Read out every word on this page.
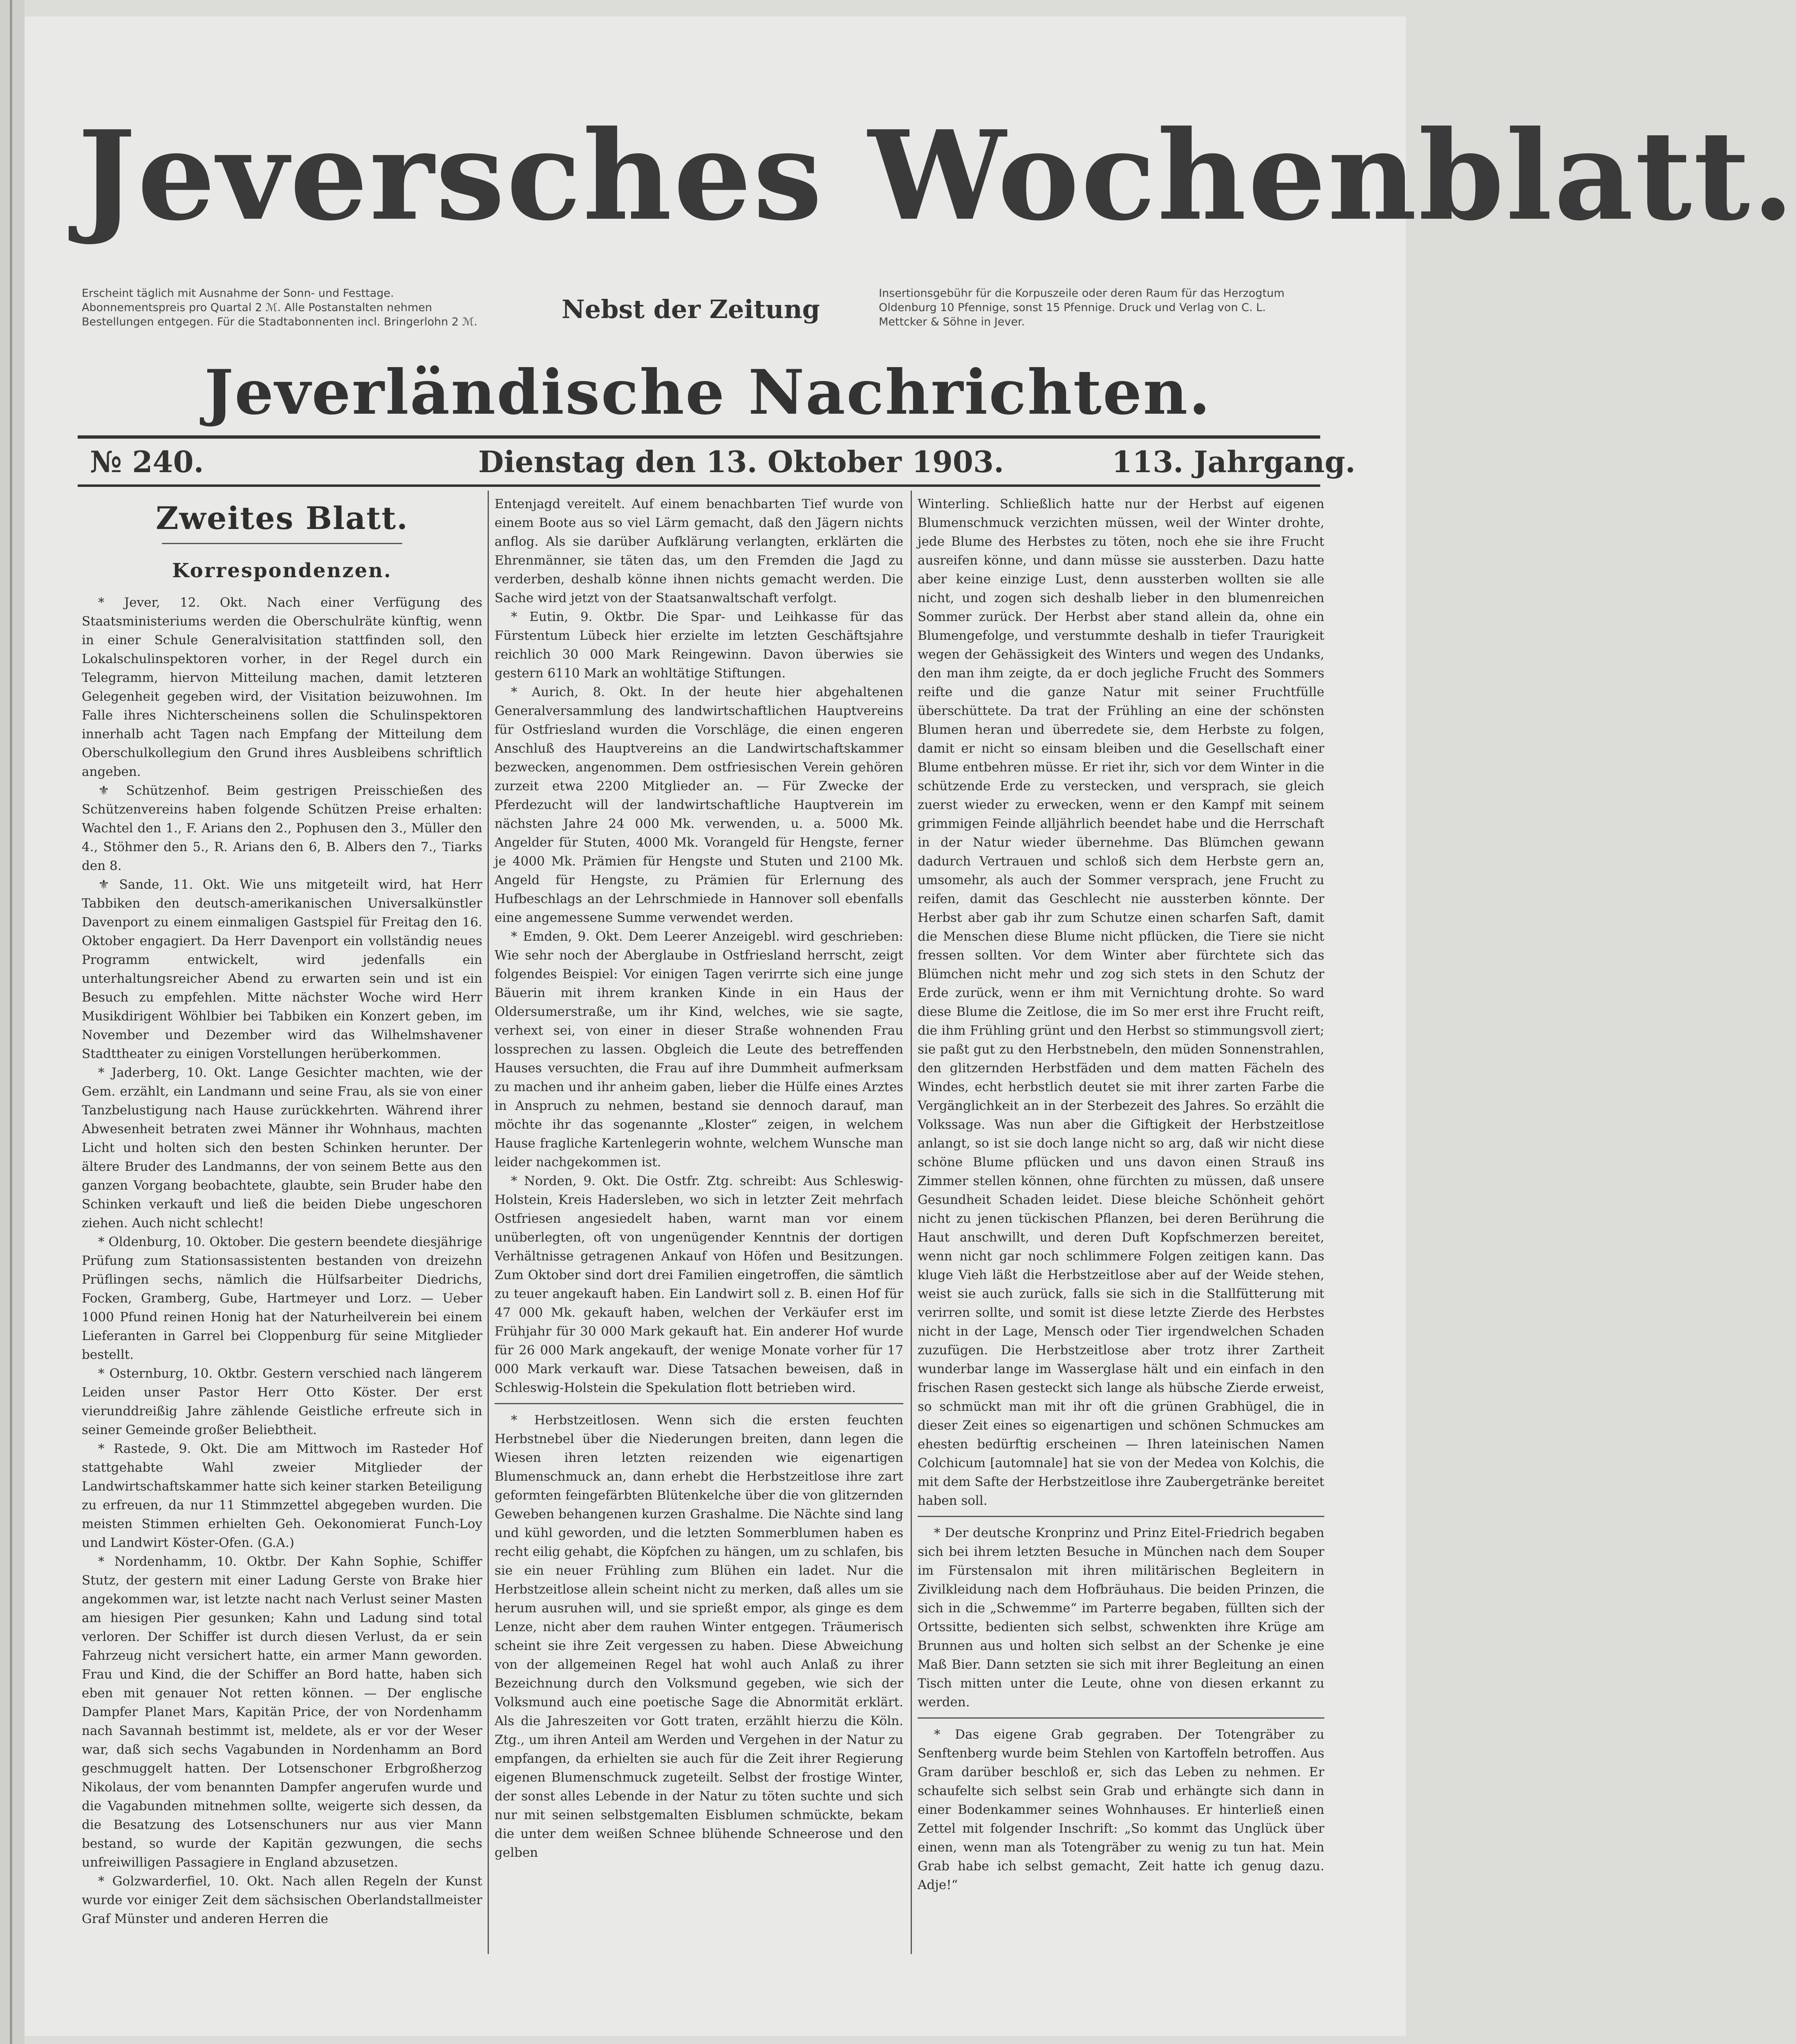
Jeversches Wochenblatt.
Erscheint täglich mit Ausnahme der Sonn- und Festtage. Abonnementspreis pro Quartal 2 ℳ. Alle Postanstalten nehmen Bestellungen entgegen. Für die Stadtabonnenten incl. Bringerlohn 2 ℳ.	Nebst der Zeitung
Insertionsgebühr für die Korpuszeile oder deren Raum für das Herzogtum Oldenburg 10 Pfennige, sonst 15 Pfennige. Druck und Verlag von C. L. Mettcker & Söhne in Jever.
Jeverländische Nachrichten.
№ 240.	Dienstag den 13. Oktober 1903.	113. Jahrgang.
Zweites Blatt.
Korrespondenzen.

* Jever, 12. Okt. Nach einer Verfügung des Staatsministeriums werden die Oberschulräte künftig, wenn in einer Schule Generalvisitation stattfinden soll, den Lokalschulinspektoren vorher, in der Regel durch ein Telegramm, hiervon Mitteilung machen, damit letzteren Gelegenheit gegeben wird, der Visitation beizuwohnen. Im Falle ihres Nichterscheinens sollen die Schulinspektoren innerhalb acht Tagen nach Empfang der Mitteilung dem Oberschulkollegium den Grund ihres Ausbleibens schriftlich angeben.

⚜ Schützenhof. Beim gestrigen Preisschießen des Schützenvereins haben folgende Schützen Preise erhalten: Wachtel den 1., F. Arians den 2., Pophusen den 3., Müller den 4., Stöhmer den 5., R. Arians den 6, B. Albers den 7., Tiarks den 8.

⚜ Sande, 11. Okt. Wie uns mitgeteilt wird, hat Herr Tabbiken den deutsch-amerikanischen Universalkünstler Davenport zu einem einmaligen Gastspiel für Freitag den 16. Oktober engagiert. Da Herr Davenport ein vollständig neues Programm entwickelt, wird jedenfalls ein unterhaltungsreicher Abend zu erwarten sein und ist ein Besuch zu empfehlen. Mitte nächster Woche wird Herr Musikdirigent Wöhlbier bei Tabbiken ein Konzert geben, im November und Dezember wird das Wilhelmshavener Stadttheater zu einigen Vorstellungen herüberkommen.

* Jaderberg, 10. Okt. Lange Gesichter machten, wie der Gem. erzählt, ein Landmann und seine Frau, als sie von einer Tanzbelustigung nach Hause zurückkehrten. Während ihrer Abwesenheit betraten zwei Männer ihr Wohnhaus, machten Licht und holten sich den besten Schinken herunter. Der ältere Bruder des Landmanns, der von seinem Bette aus den ganzen Vorgang beobachtete, glaubte, sein Bruder habe den Schinken verkauft und ließ die beiden Diebe ungeschoren ziehen. Auch nicht schlecht!

* Oldenburg, 10. Oktober. Die gestern beendete diesjährige Prüfung zum Stationsassistenten bestanden von dreizehn Prüflingen sechs, nämlich die Hülfsarbeiter Diedrichs, Focken, Gramberg, Gube, Hartmeyer und Lorz. — Ueber 1000 Pfund reinen Honig hat der Naturheilverein bei einem Lieferanten in Garrel bei Cloppenburg für seine Mitglieder bestellt.

* Osternburg, 10. Oktbr. Gestern verschied nach längerem Leiden unser Pastor Herr Otto Köster. Der erst vierunddreißig Jahre zählende Geistliche erfreute sich in seiner Gemeinde großer Beliebtheit.

* Rastede, 9. Okt. Die am Mittwoch im Rasteder Hof stattgehabte Wahl zweier Mitglieder der Landwirtschaftskammer hatte sich keiner starken Beteiligung zu erfreuen, da nur 11 Stimmzettel abgegeben wurden. Die meisten Stimmen erhielten Geh. Oekonomierat Funch-Loy und Landwirt Köster-Ofen. (G.A.)

* Nordenhamm, 10. Oktbr. Der Kahn Sophie, Schiffer Stutz, der gestern mit einer Ladung Gerste von Brake hier angekommen war, ist letzte nacht nach Verlust seiner Masten am hiesigen Pier gesunken; Kahn und Ladung sind total verloren. Der Schiffer ist durch diesen Verlust, da er sein Fahrzeug nicht versichert hatte, ein armer Mann geworden. Frau und Kind, die der Schiffer an Bord hatte, haben sich eben mit genauer Not retten können. — Der englische Dampfer Planet Mars, Kapitän Price, der von Nordenhamm nach Savannah bestimmt ist, meldete, als er vor der Weser war, daß sich sechs Vagabunden in Nordenhamm an Bord geschmuggelt hatten. Der Lotsenschoner Erbgroßherzog Nikolaus, der vom benannten Dampfer angerufen wurde und die Vagabunden mitnehmen sollte, weigerte sich dessen, da die Besatzung des Lotsenschuners nur aus vier Mann bestand, so wurde der Kapitän gezwungen, die sechs unfreiwilligen Passagiere in England abzusetzen.

* Golzwarderfiel, 10. Okt. Nach allen Regeln der Kunst wurde vor einiger Zeit dem sächsischen Oberlandstallmeister Graf Münster und anderen Herren die

Entenjagd vereitelt. Auf einem benachbarten Tief wurde von einem Boote aus so viel Lärm gemacht, daß den Jägern nichts anflog. Als sie darüber Aufklärung verlangten, erklärten die Ehrenmänner, sie täten das, um den Fremden die Jagd zu verderben, deshalb könne ihnen nichts gemacht werden. Die Sache wird jetzt von der Staatsanwaltschaft verfolgt.

* Eutin, 9. Oktbr. Die Spar- und Leihkasse für das Fürstentum Lübeck hier erzielte im letzten Geschäftsjahre reichlich 30 000 Mark Reingewinn. Davon überwies sie gestern 6110 Mark an wohltätige Stiftungen.

* Aurich, 8. Okt. In der heute hier abgehaltenen Generalversammlung des landwirtschaftlichen Hauptvereins für Ostfriesland wurden die Vorschläge, die einen engeren Anschluß des Hauptvereins an die Landwirtschaftskammer bezwecken, angenommen. Dem ostfriesischen Verein gehören zurzeit etwa 2200 Mitglieder an. — Für Zwecke der Pferdezucht will der landwirtschaftliche Hauptverein im nächsten Jahre 24 000 Mk. verwenden, u. a. 5000 Mk. Angelder für Stuten, 4000 Mk. Vorangeld für Hengste, ferner je 4000 Mk. Prämien für Hengste und Stuten und 2100 Mk. Angeld für Hengste, zu Prämien für Erlernung des Hufbeschlags an der Lehrschmiede in Hannover soll ebenfalls eine angemessene Summe verwendet werden.

* Emden, 9. Okt. Dem Leerer Anzeigebl. wird geschrieben: Wie sehr noch der Aberglaube in Ostfriesland herrscht, zeigt folgendes Beispiel: Vor einigen Tagen verirrte sich eine junge Bäuerin mit ihrem kranken Kinde in ein Haus der Oldersumerstraße, um ihr Kind, welches, wie sie sagte, verhext sei, von einer in dieser Straße wohnenden Frau lossprechen zu lassen. Obgleich die Leute des betreffenden Hauses versuchten, die Frau auf ihre Dummheit aufmerksam zu machen und ihr anheim gaben, lieber die Hülfe eines Arztes in Anspruch zu nehmen, bestand sie dennoch darauf, man möchte ihr das sogenannte „Kloster“ zeigen, in welchem Hause fragliche Kartenlegerin wohnte, welchem Wunsche man leider nachgekommen ist.

* Norden, 9. Okt. Die Ostfr. Ztg. schreibt: Aus Schleswig-Holstein, Kreis Hadersleben, wo sich in letzter Zeit mehrfach Ostfriesen angesiedelt haben, warnt man vor einem unüberlegten, oft von ungenügender Kenntnis der dortigen Verhältnisse getragenen Ankauf von Höfen und Besitzungen. Zum Oktober sind dort drei Familien eingetroffen, die sämtlich zu teuer angekauft haben. Ein Landwirt soll z. B. einen Hof für 47 000 Mk. gekauft haben, welchen der Verkäufer erst im Frühjahr für 30 000 Mark gekauft hat. Ein anderer Hof wurde für 26 000 Mark angekauft, der wenige Monate vorher für 17 000 Mark verkauft war. Diese Tatsachen beweisen, daß in Schleswig-Holstein die Spekulation flott betrieben wird.

* Herbstzeitlosen. Wenn sich die ersten feuchten Herbstnebel über die Niederungen breiten, dann legen die Wiesen ihren letzten reizenden wie eigenartigen Blumenschmuck an, dann erhebt die Herbstzeitlose ihre zart geformten feingefärbten Blütenkelche über die von glitzernden Geweben behangenen kurzen Grashalme. Die Nächte sind lang und kühl geworden, und die letzten Sommerblumen haben es recht eilig gehabt, die Köpfchen zu hängen, um zu schlafen, bis sie ein neuer Frühling zum Blühen ein ladet. Nur die Herbstzeitlose allein scheint nicht zu merken, daß alles um sie herum ausruhen will, und sie sprießt empor, als ginge es dem Lenze, nicht aber dem rauhen Winter entgegen. Träumerisch scheint sie ihre Zeit vergessen zu haben. Diese Abweichung von der allgemeinen Regel hat wohl auch Anlaß zu ihrer Bezeichnung durch den Volksmund gegeben, wie sich der Volksmund auch eine poetische Sage die Abnormität erklärt. Als die Jahreszeiten vor Gott traten, erzählt hierzu die Köln. Ztg., um ihren Anteil am Werden und Vergehen in der Natur zu empfangen, da erhielten sie auch für die Zeit ihrer Regierung eigenen Blumenschmuck zugeteilt. Selbst der frostige Winter, der sonst alles Lebende in der Natur zu töten suchte und sich nur mit seinen selbstgemalten Eisblumen schmückte, bekam die unter dem weißen Schnee blühende Schneerose und den gelben

Winterling. Schließlich hatte nur der Herbst auf eigenen Blumenschmuck verzichten müssen, weil der Winter drohte, jede Blume des Herbstes zu töten, noch ehe sie ihre Frucht ausreifen könne, und dann müsse sie aussterben. Dazu hatte aber keine einzige Lust, denn aussterben wollten sie alle nicht, und zogen sich deshalb lieber in den blumenreichen Sommer zurück. Der Herbst aber stand allein da, ohne ein Blumengefolge, und verstummte deshalb in tiefer Traurigkeit wegen der Gehässigkeit des Winters und wegen des Undanks, den man ihm zeigte, da er doch jegliche Frucht des Sommers reifte und die ganze Natur mit seiner Fruchtfülle überschüttete. Da trat der Frühling an eine der schönsten Blumen heran und überredete sie, dem Herbste zu folgen, damit er nicht so einsam bleiben und die Gesellschaft einer Blume entbehren müsse. Er riet ihr, sich vor dem Winter in die schützende Erde zu verstecken, und versprach, sie gleich zuerst wieder zu erwecken, wenn er den Kampf mit seinem grimmigen Feinde alljährlich beendet habe und die Herrschaft in der Natur wieder übernehme. Das Blümchen gewann dadurch Vertrauen und schloß sich dem Herbste gern an, umsomehr, als auch der Sommer versprach, jene Frucht zu reifen, damit das Geschlecht nie aussterben könnte. Der Herbst aber gab ihr zum Schutze einen scharfen Saft, damit die Menschen diese Blume nicht pflücken, die Tiere sie nicht fressen sollten. Vor dem Winter aber fürchtete sich das Blümchen nicht mehr und zog sich stets in den Schutz der Erde zurück, wenn er ihm mit Vernichtung drohte. So ward diese Blume die Zeitlose, die im So mer erst ihre Frucht reift, die ihm Frühling grünt und den Herbst so stimmungsvoll ziert; sie paßt gut zu den Herbstnebeln, den müden Sonnenstrahlen, den glitzernden Herbstfäden und dem matten Fächeln des Windes, echt herbstlich deutet sie mit ihrer zarten Farbe die Vergänglichkeit an in der Sterbezeit des Jahres. So erzählt die Volkssage. Was nun aber die Giftigkeit der Herbstzeitlose anlangt, so ist sie doch lange nicht so arg, daß wir nicht diese schöne Blume pflücken und uns davon einen Strauß ins Zimmer stellen können, ohne fürchten zu müssen, daß unsere Gesundheit Schaden leidet. Diese bleiche Schönheit gehört nicht zu jenen tückischen Pflanzen, bei deren Berührung die Haut anschwillt, und deren Duft Kopfschmerzen bereitet, wenn nicht gar noch schlimmere Folgen zeitigen kann. Das kluge Vieh läßt die Herbstzeitlose aber auf der Weide stehen, weist sie auch zurück, falls sie sich in die Stallfütterung mit verirren sollte, und somit ist diese letzte Zierde des Herbstes nicht in der Lage, Mensch oder Tier irgendwelchen Schaden zuzufügen. Die Herbstzeitlose aber trotz ihrer Zartheit wunderbar lange im Wasserglase hält und ein einfach in den frischen Rasen gesteckt sich lange als hübsche Zierde erweist, so schmückt man mit ihr oft die grünen Grabhügel, die in dieser Zeit eines so eigenartigen und schönen Schmuckes am ehesten bedürftig erscheinen — Ihren lateinischen Namen Colchicum [automnale] hat sie von der Medea von Kolchis, die mit dem Safte der Herbstzeitlose ihre Zaubergetränke bereitet haben soll.

* Der deutsche Kronprinz und Prinz Eitel-Friedrich begaben sich bei ihrem letzten Besuche in München nach dem Souper im Fürstensalon mit ihren militärischen Begleitern in Zivilkleidung nach dem Hofbräuhaus. Die beiden Prinzen, die sich in die „Schwemme“ im Parterre begaben, füllten sich der Ortssitte, bedienten sich selbst, schwenkten ihre Krüge am Brunnen aus und holten sich selbst an der Schenke je eine Maß Bier. Dann setzten sie sich mit ihrer Begleitung an einen Tisch mitten unter die Leute, ohne von diesen erkannt zu werden.

* Das eigene Grab gegraben. Der Totengräber zu Senftenberg wurde beim Stehlen von Kartoffeln betroffen. Aus Gram darüber beschloß er, sich das Leben zu nehmen. Er schaufelte sich selbst sein Grab und erhängte sich dann in einer Bodenkammer seines Wohnhauses. Er hinterließ einen Zettel mit folgender Inschrift: „So kommt das Unglück über einen, wenn man als Totengräber zu wenig zu tun hat. Mein Grab habe ich selbst gemacht, Zeit hatte ich genug dazu. Adje!“
